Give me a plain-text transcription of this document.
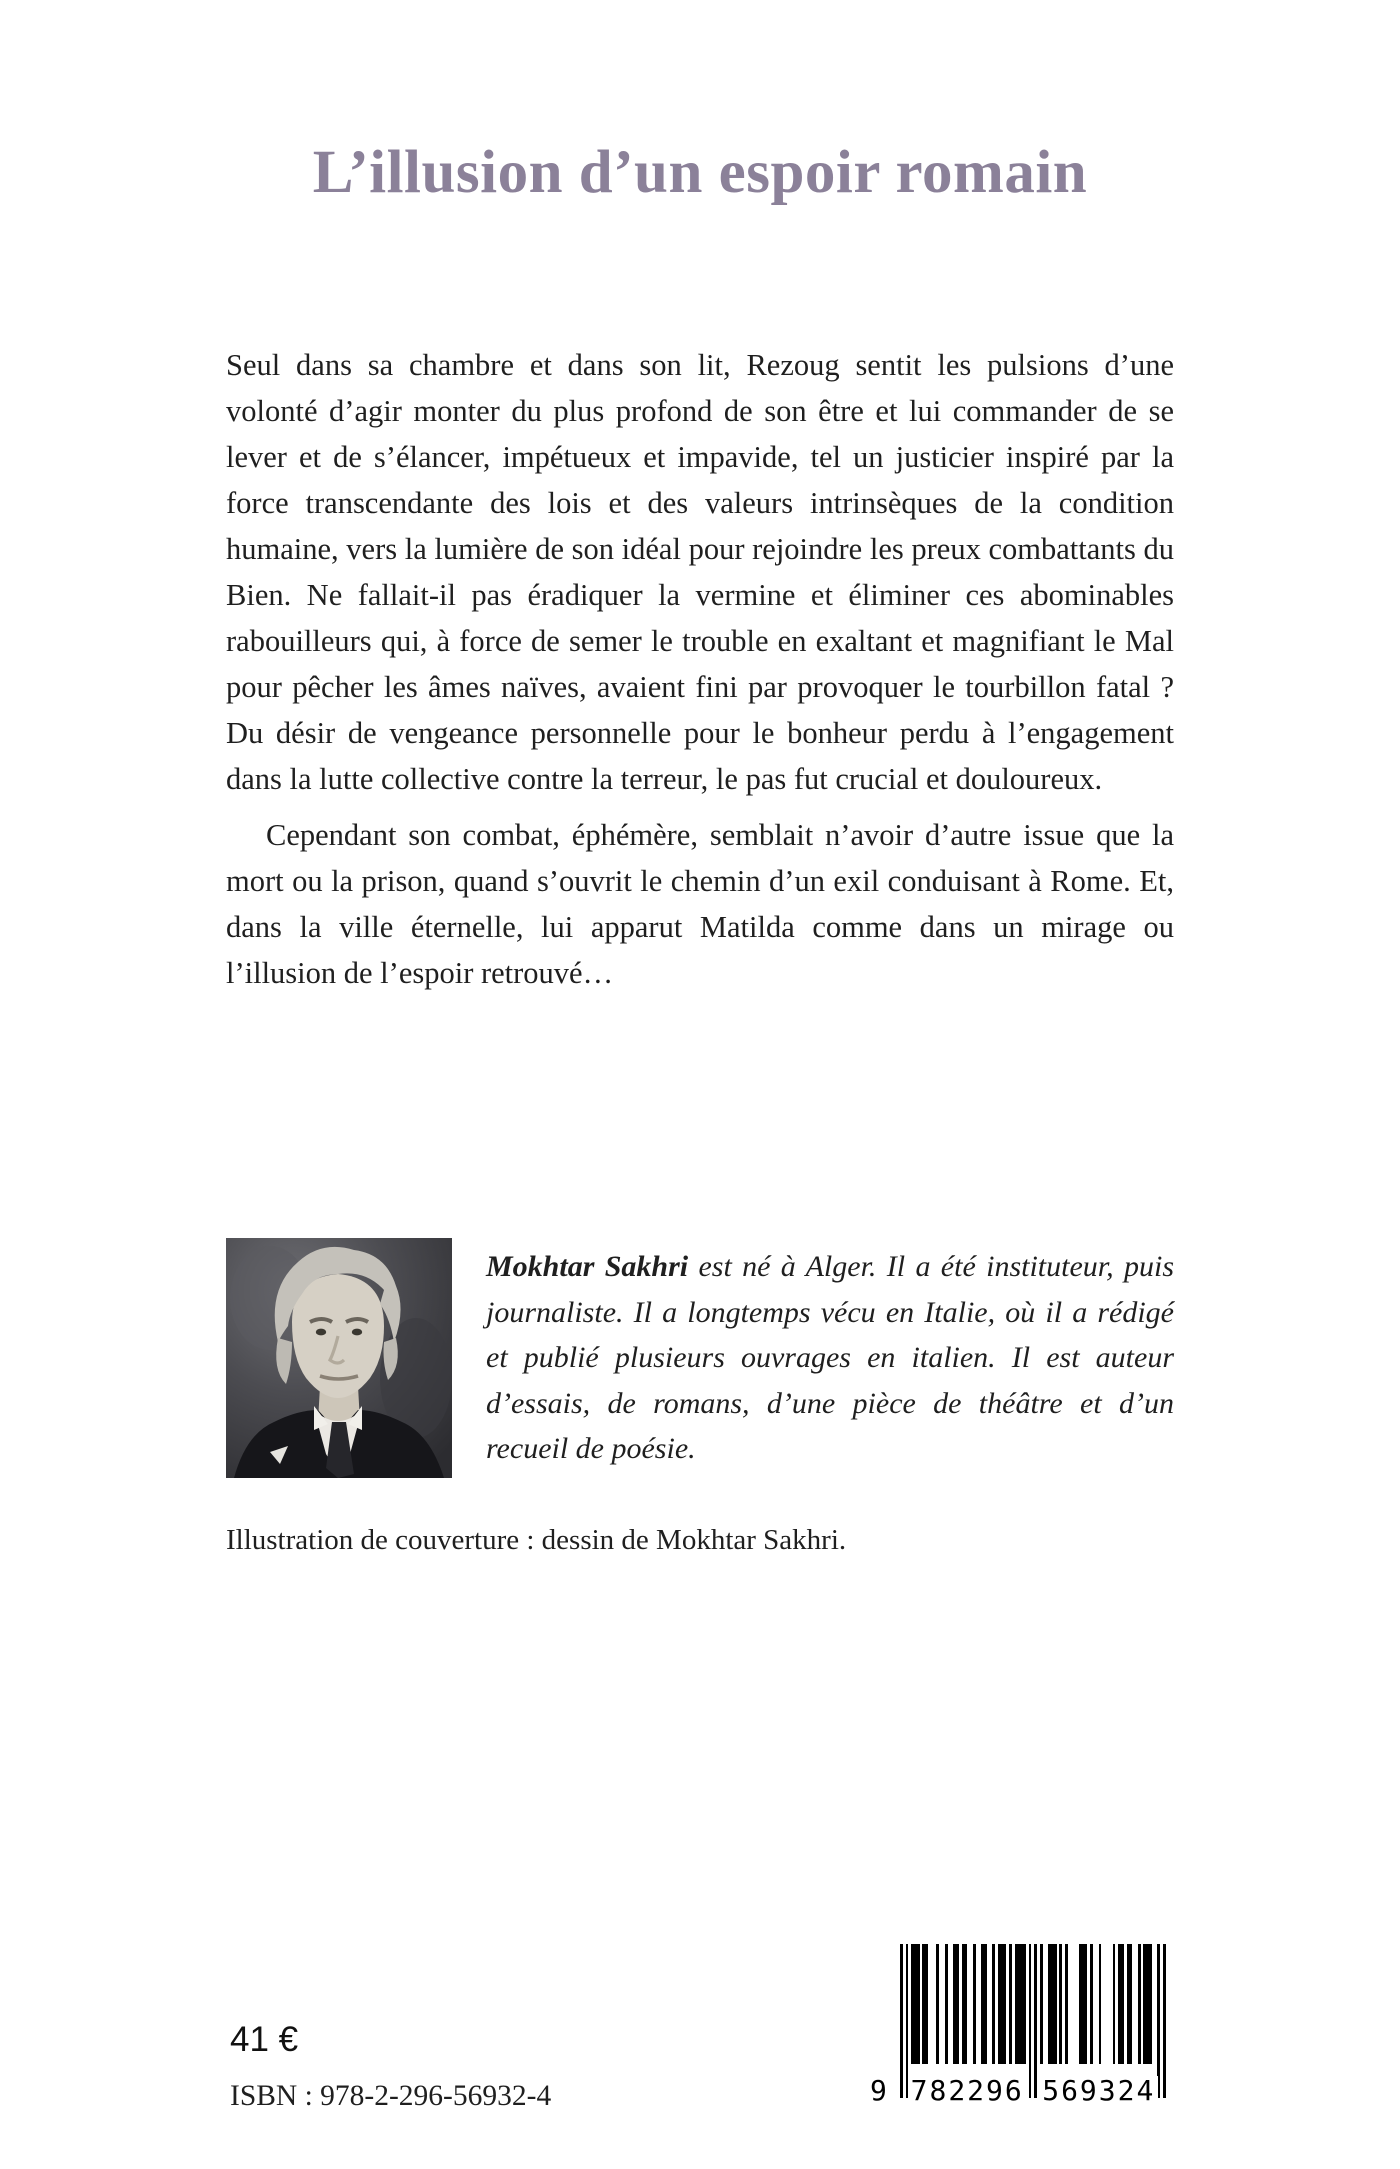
L’illusion d’un espoir romain

Seul dans sa chambre et dans son lit, Rezoug sentit les pulsions d’une volonté d’agir monter du plus profond de son être et lui commander de se lever et de s’élancer, impétueux et impavide, tel un justicier inspiré par la force transcendante des lois et des valeurs intrinsèques de la condition humaine, vers la lumière de son idéal pour rejoindre les preux combattants du Bien. Ne fallait-il pas éradiquer la vermine et éliminer ces abominables rabouilleurs qui, à force de semer le trouble en exaltant et magnifiant le Mal pour pêcher les âmes naïves, avaient fini par provoquer le tourbillon fatal ? Du désir de vengeance personnelle pour le bonheur perdu à l’engagement dans la lutte collective contre la terreur, le pas fut crucial et douloureux.

Cependant son combat, éphémère, semblait n’avoir d’autre issue que la mort ou la prison, quand s’ouvrit le chemin d’un exil conduisant à Rome. Et, dans la ville éternelle, lui apparut Matilda comme dans un mirage ou l’illusion de l’espoir retrouvé…

Mokhtar Sakhri est né à Alger. Il a été instituteur, puis journaliste. Il a longtemps vécu en Italie, où il a rédigé et publié plusieurs ouvrages en italien. Il est auteur d’essais, de romans, d’une pièce de théâtre et d’un recueil de poésie.

Illustration de couverture : dessin de Mokhtar Sakhri.

41 €
ISBN : 978-2-296-56932-4	9 782296 569324
